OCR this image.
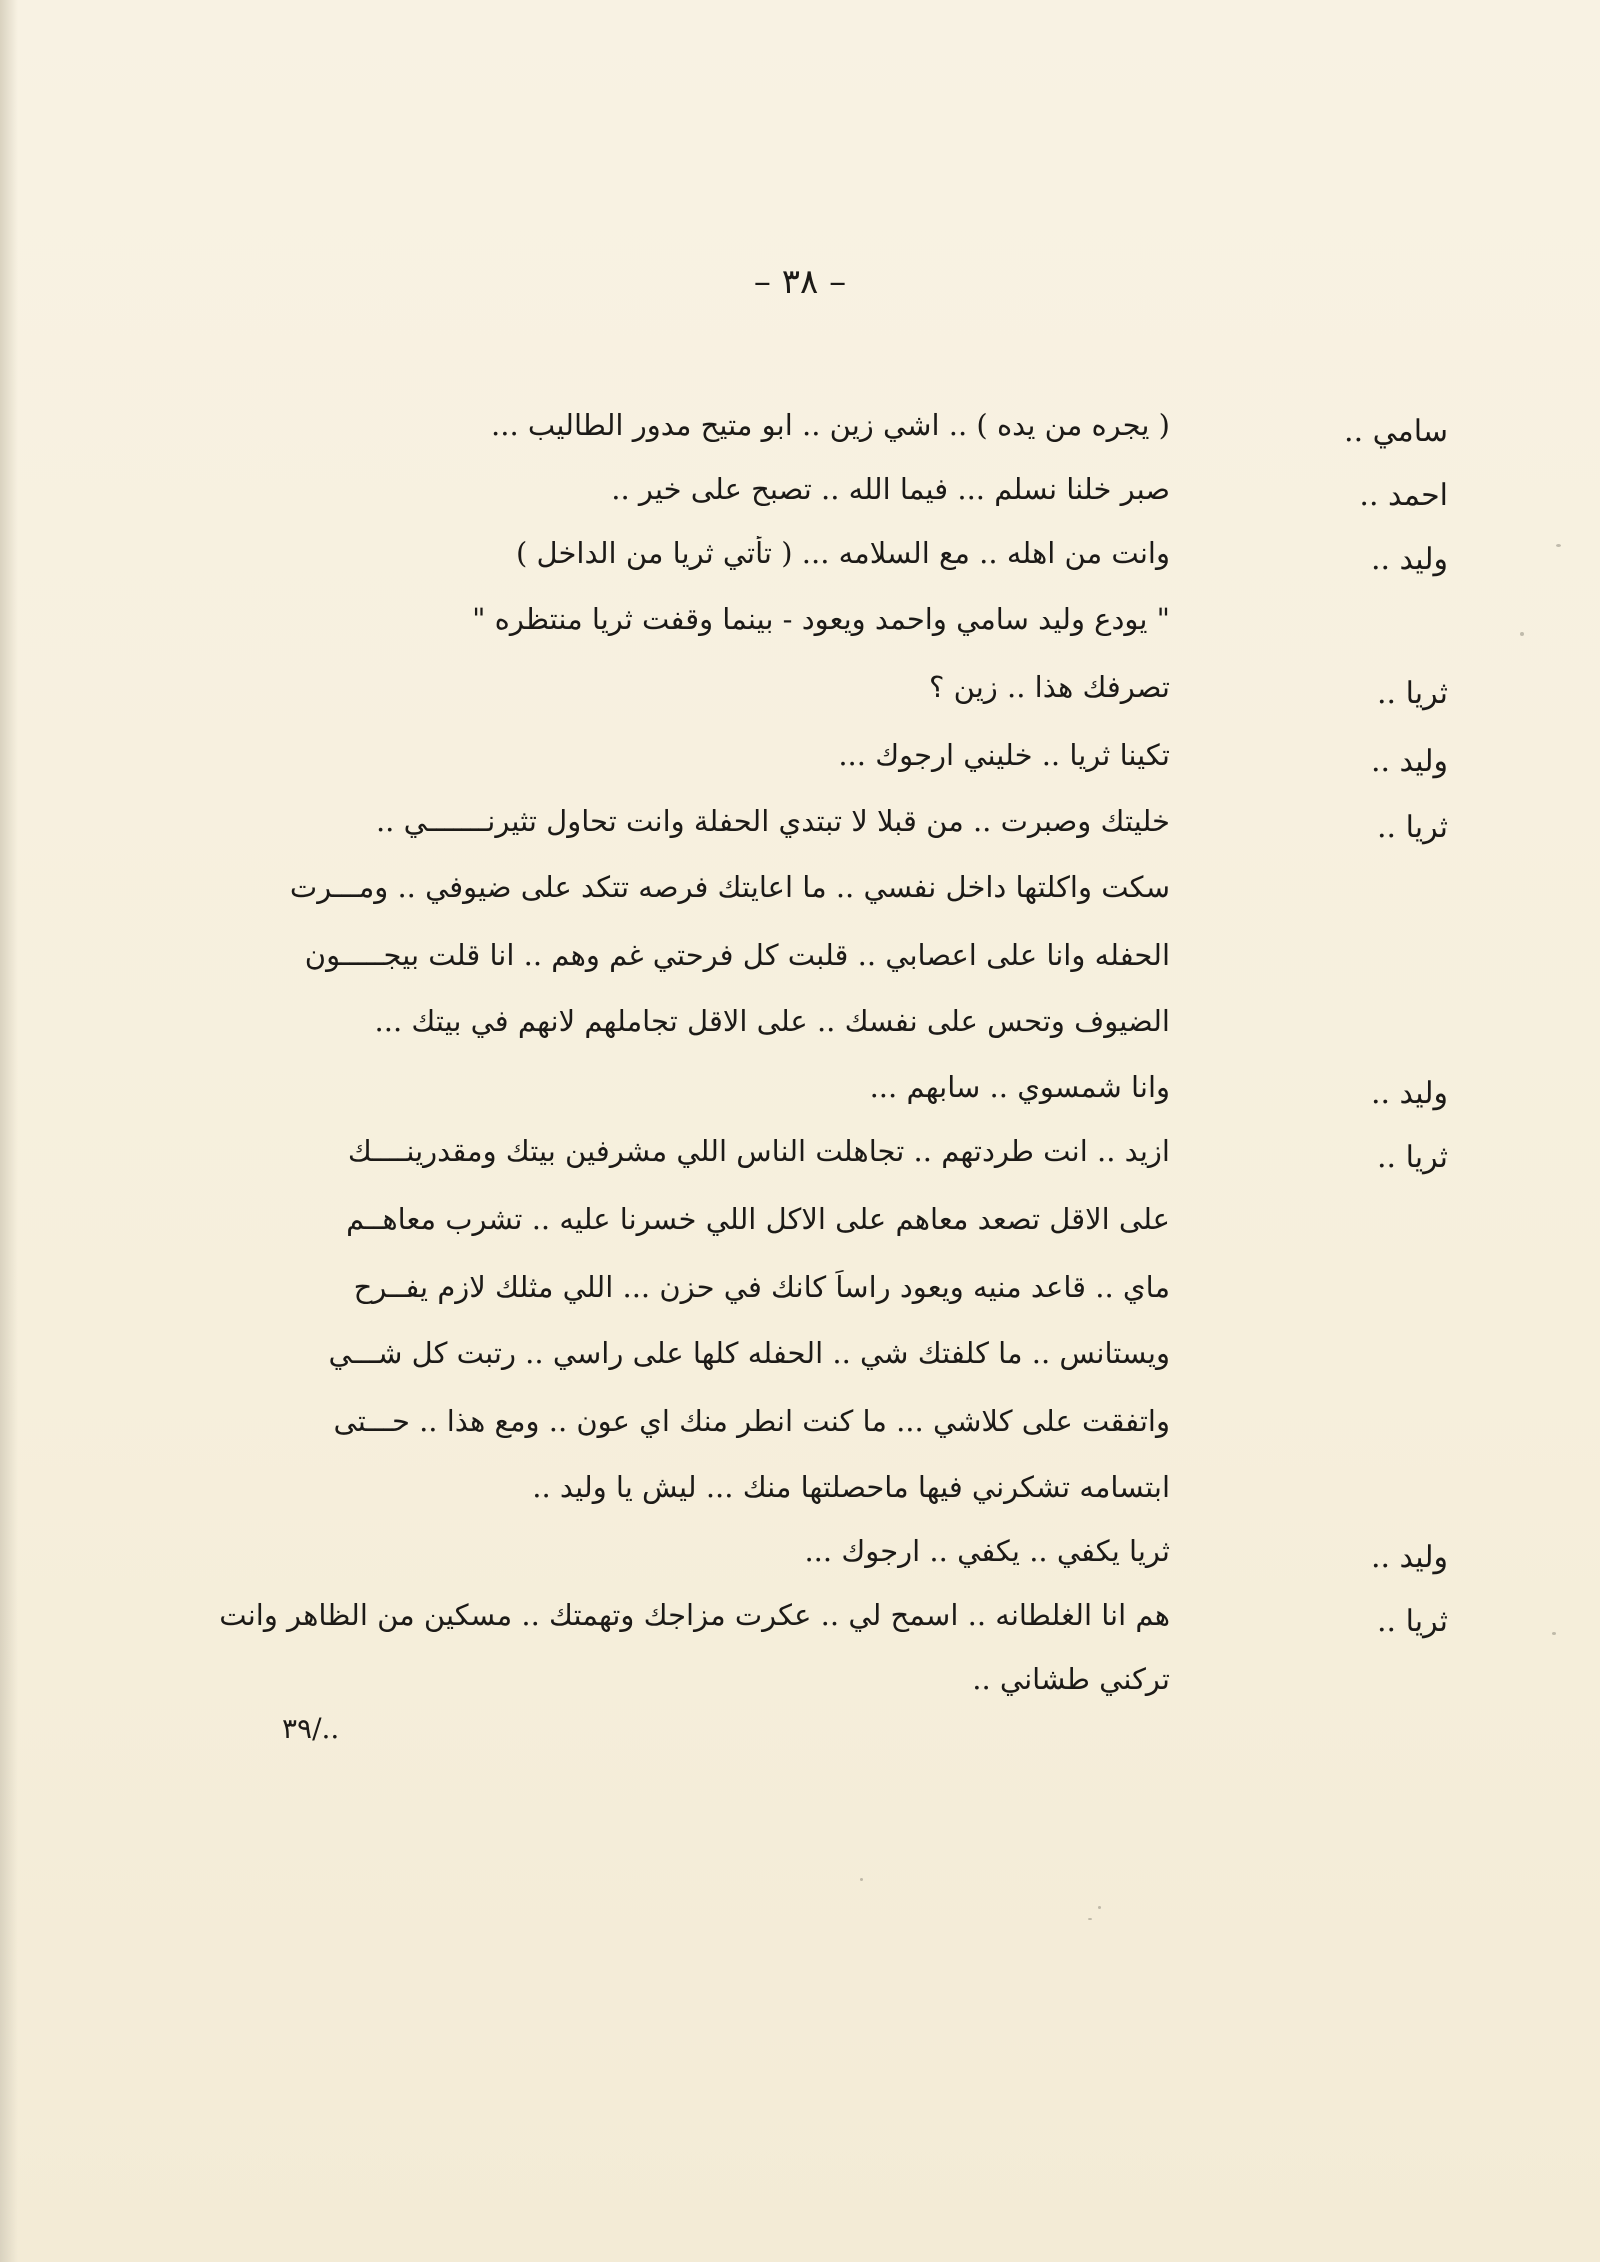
– ٣٨ –
سامي ..
( يجره من يده ) .. اشي زين .. ابو متيح مدور الطاليب ...
احمد ..
صبر خلنا نسلم ... فيما الله .. تصبح على خير ..
وليد ..
وانت من اهله .. مع السلامه ... ( تأتي ثريا من الداخل )
" يودع وليد سامي واحمد ويعود - بينما وقفت ثريا منتظره "
ثريا ..
تصرفك هذا .. زين ؟
وليد ..
تكينا ثريا .. خليني ارجوك ...
ثريا ..
خليتك وصبرت .. من قبلا لا تبتدي الحفلة وانت تحاول تثيرنـــــــي ..
سكت واكلتها داخل نفسي .. ما اعايتك فرصه تتكد على ضيوفي .. ومـــرت
الحفله وانا على اعصابي .. قلبت كل فرحتي غم وهم .. انا قلت بيجـــــون
الضيوف وتحس على نفسك .. على الاقل تجاملهم لانهم في بيتك ...
وليد ..
وانا شمسوي .. سابهم ...
ثريا ..
ازيد .. انت طردتهم .. تجاهلت الناس اللي مشرفين بيتك ومقدرينــــك
على الاقل تصعد معاهم على الاكل اللي خسرنا عليه .. تشرب معاهــم
ماي .. قاعد منيه ويعود راساً كانك في حزن ... اللي مثلك لازم يفــرح
ويستانس .. ما كلفتك شي .. الحفله كلها على راسي .. رتبت كل شـــي
واتفقت على كلاشي ... ما كنت انطر منك اي عون .. ومع هذا .. حـــتى
ابتسامه تشكرني فيها ماحصلتها منك ... ليش يا وليد ..
وليد ..
ثريا يكفي .. يكفي .. ارجوك ...
ثريا ..
هم انا الغلطانه .. اسمح لي .. عكرت مزاجك وتهمتك .. مسكين من الظاهر وانت
تركني طشاني ..
٣٩/..
